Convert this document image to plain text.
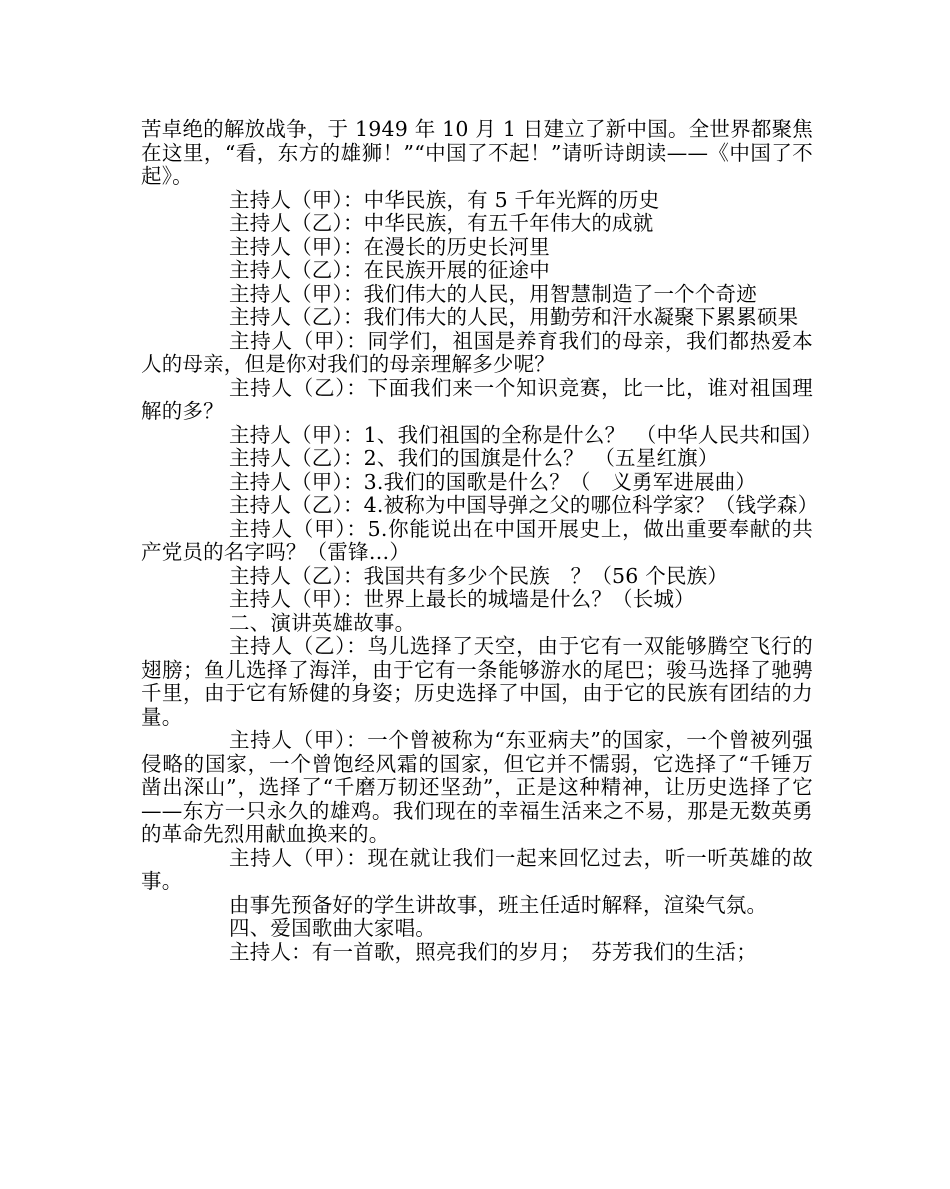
苦卓绝的解放战争，于 1949 年 10 月 1 日建立了新中国。全世界都聚焦在这里，“看，东方的雄狮！”“中国了不起！”请听诗朗读——《中国了不起》。

主持人（甲）：中华民族，有 5 千年光辉的历史

主持人（乙）：中华民族，有五千年伟大的成就

主持人（甲）：在漫长的历史长河里

主持人（乙）：在民族开展的征途中

主持人（甲）：我们伟大的人民，用智慧制造了一个个奇迹

主持人（乙）：我们伟大的人民，用勤劳和汗水凝聚下累累硕果

主持人（甲）：同学们，祖国是养育我们的母亲，我们都热爱本人的母亲，但是你对我们的母亲理解多少呢？

主持人（乙）：下面我们来一个知识竞赛，比一比，谁对祖国理解的多？

主持人（甲）：1、我们祖国的全称是什么？　（中华人民共和国）

主持人（乙）：2、我们的国旗是什么？　（五星红旗）

主持人（甲）：3.我们的国歌是什么？（　义勇军进展曲）

主持人（乙）：4.被称为中国导弹之父的哪位科学家？（钱学森）

主持人（甲）：5.你能说出在中国开展史上，做出重要奉献的共产党员的名字吗？（雷锋…）

主持人（乙）：我国共有多少个民族　？（56 个民族）

主持人（甲）：世界上最长的城墙是什么？（长城）

二、演讲英雄故事。

主持人（乙）：鸟儿选择了天空，由于它有一双能够腾空飞行的翅膀；鱼儿选择了海洋，由于它有一条能够游水的尾巴；骏马选择了驰骋千里，由于它有矫健的身姿；历史选择了中国，由于它的民族有团结的力量。

主持人（甲）：一个曾被称为“东亚病夫”的国家，一个曾被列强侵略的国家，一个曾饱经风霜的国家，但它并不懦弱，它选择了“千锤万凿出深山”，选择了“千磨万韧还坚劲”，正是这种精神，让历史选择了它——东方一只永久的雄鸡。我们现在的幸福生活来之不易，那是无数英勇的革命先烈用献血换来的。

主持人（甲）：现在就让我们一起来回忆过去，听一听英雄的故事。

由事先预备好的学生讲故事，班主任适时解释，渲染气氛。

四、爱国歌曲大家唱。

主持人：有一首歌，照亮我们的岁月；　芬芳我们的生活；
